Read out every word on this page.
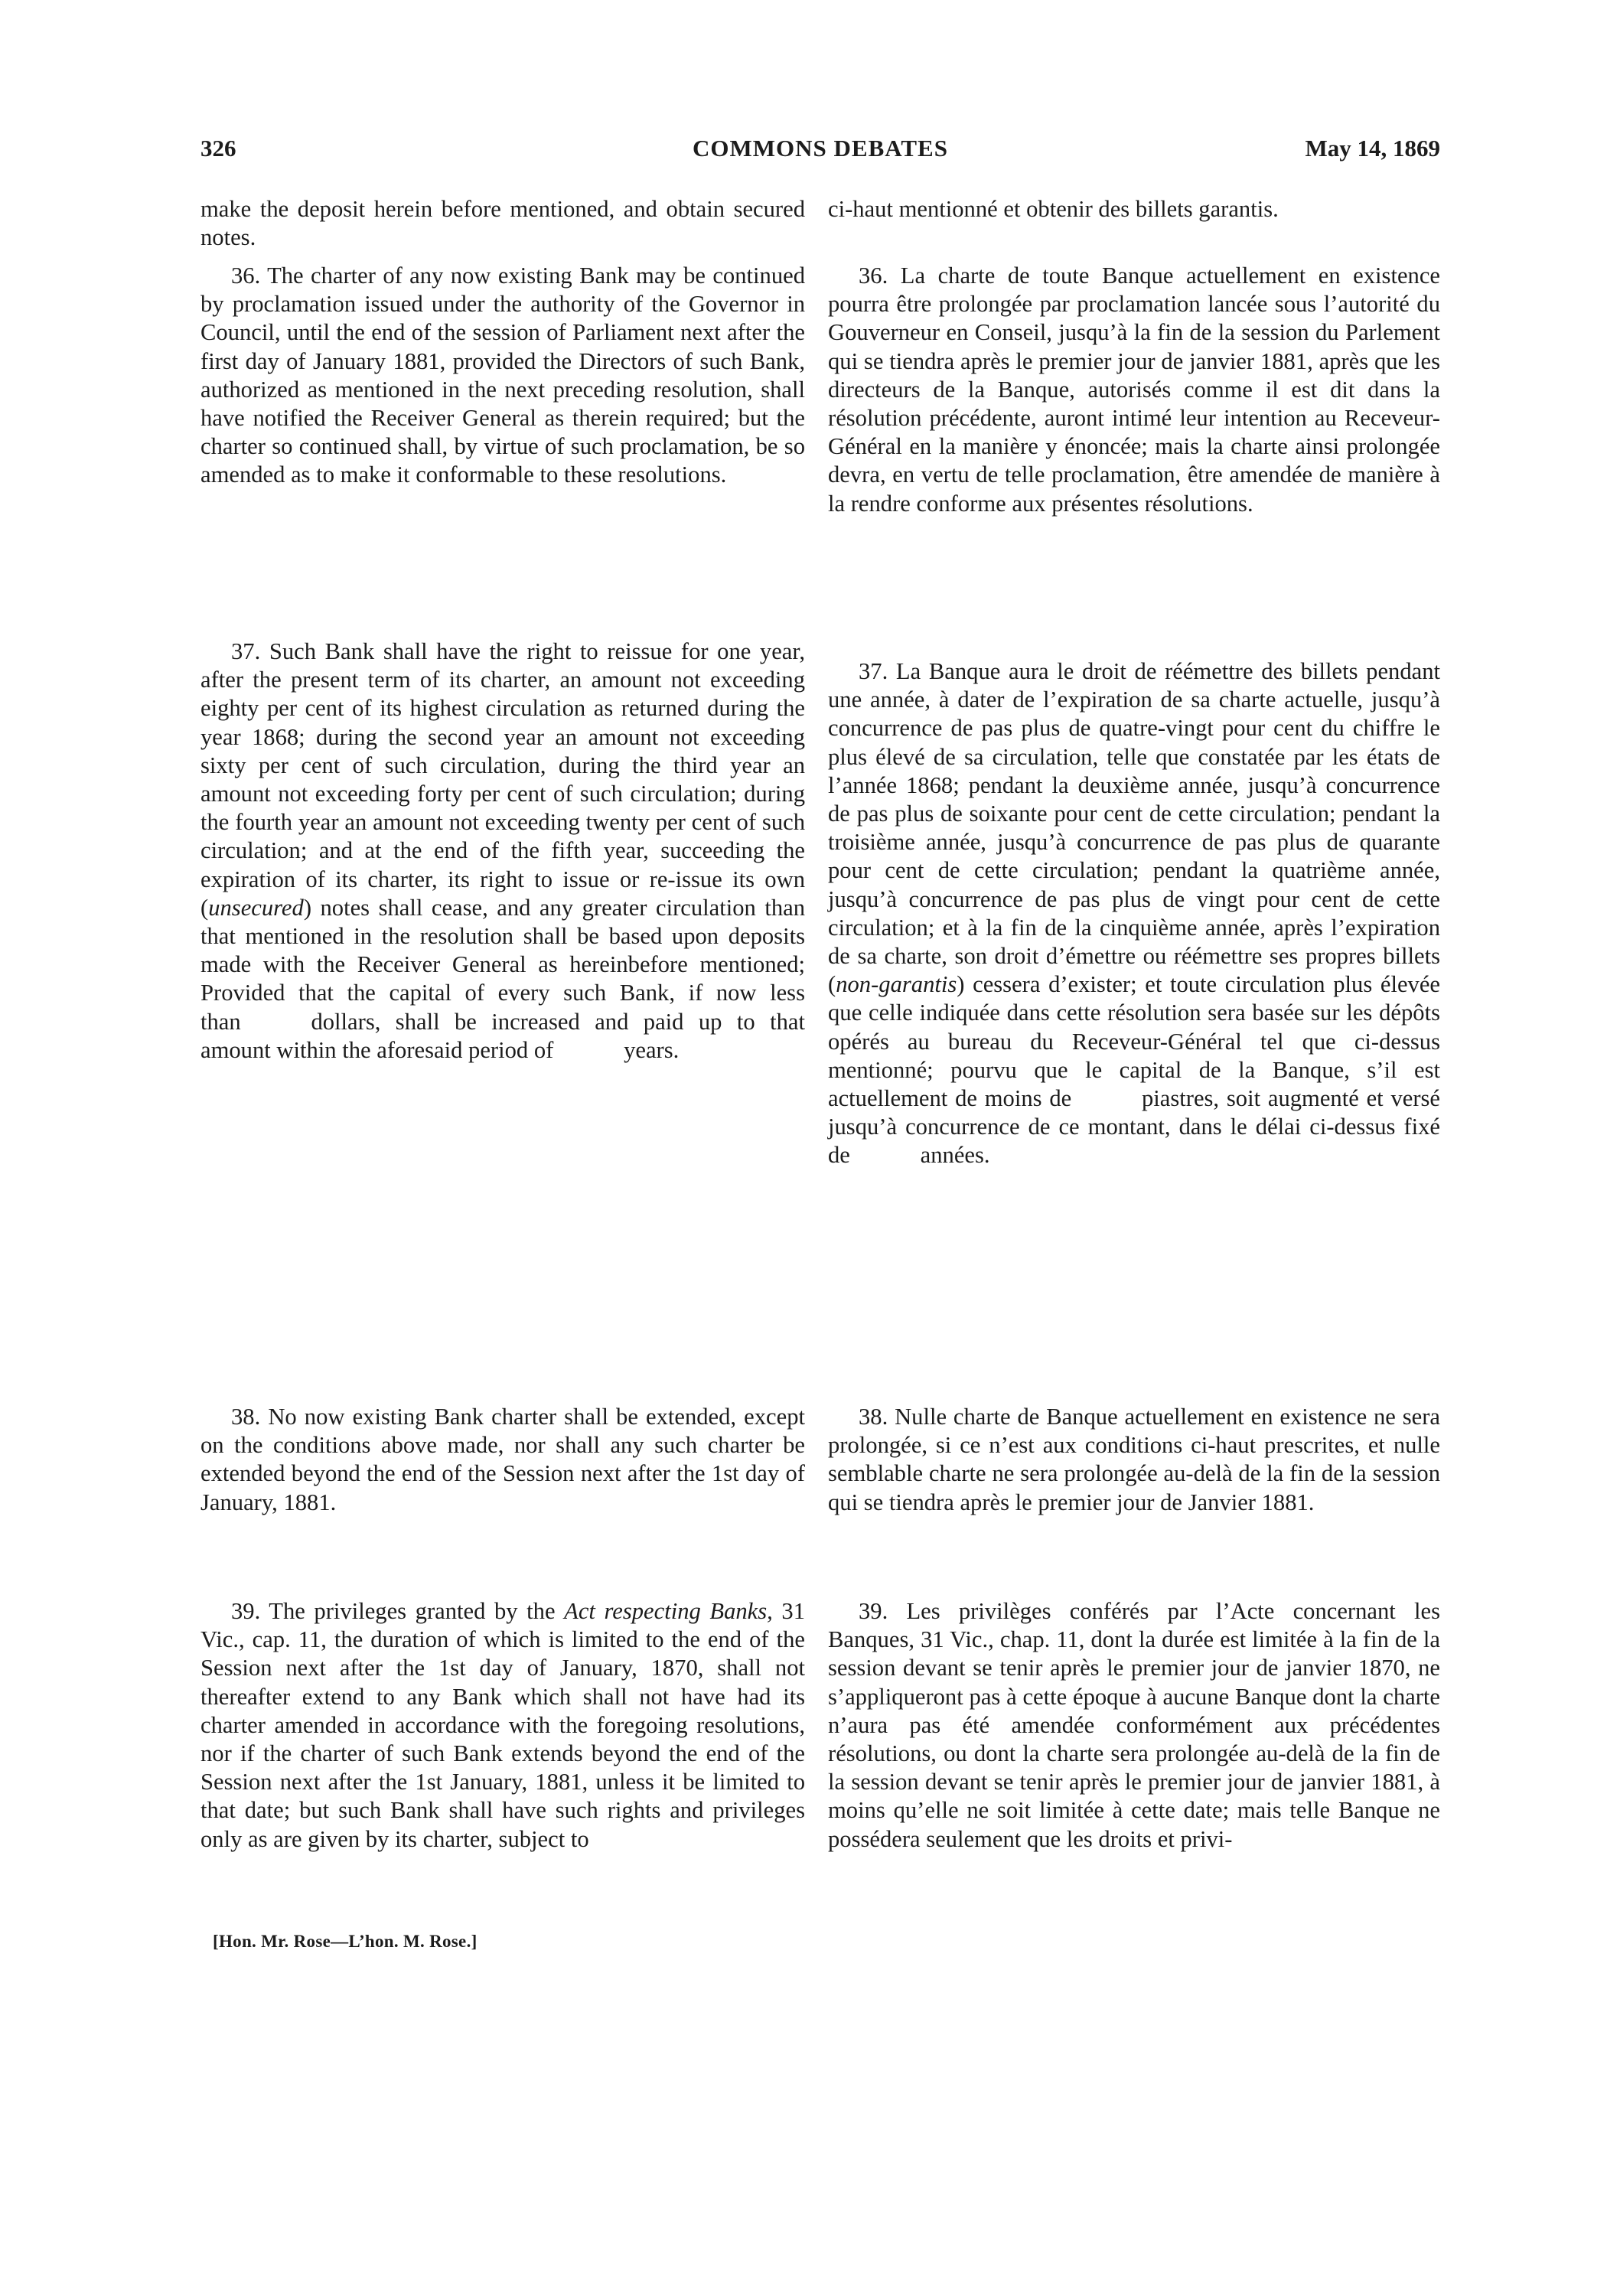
326	COMMONS DEBATES	May 14, 1869

make the deposit herein before mentioned, and obtain secured notes.

36. The charter of any now existing Bank may be continued by proclamation issued under the authority of the Governor in Council, until the end of the session of Parliament next after the first day of January 1881, provided the Directors of such Bank, authorized as mentioned in the next preceding resolution, shall have notified the Receiver General as therein required; but the charter so continued shall, by virtue of such proclamation, be so amended as to make it conformable to these resolutions.

37. Such Bank shall have the right to reissue for one year, after the present term of its charter, an amount not exceeding eighty per cent of its highest circulation as returned during the year 1868; during the second year an amount not exceeding sixty per cent of such circulation, during the third year an amount not exceeding forty per cent of such circulation; during the fourth year an amount not exceeding twenty per cent of such circulation; and at the end of the fifth year, succeeding the expiration of its charter, its right to issue or re-issue its own (unsecured) notes shall cease, and any greater circulation than that mentioned in the resolution shall be based upon deposits made with the Receiver General as hereinbefore mentioned; Provided that the capital of every such Bank, if now less than   dollars, shall be increased and paid up to that amount within the aforesaid period of   years.

38. No now existing Bank charter shall be extended, except on the conditions above made, nor shall any such charter be extended beyond the end of the Session next after the 1st day of January, 1881.

39. The privileges granted by the Act respecting Banks, 31 Vic., cap. 11, the duration of which is limited to the end of the Session next after the 1st day of January, 1870, shall not thereafter extend to any Bank which shall not have had its charter amended in accordance with the foregoing resolutions, nor if the charter of such Bank extends beyond the end of the Session next after the 1st January, 1881, unless it be limited to that date; but such Bank shall have such rights and privileges only as are given by its charter, subject to

ci-haut mentionné et obtenir des billets garantis.

36. La charte de toute Banque actuellement en existence pourra être prolongée par proclamation lancée sous l’autorité du Gouverneur en Conseil, jusqu’à la fin de la session du Parlement qui se tiendra après le premier jour de janvier 1881, après que les directeurs de la Banque, autorisés comme il est dit dans la résolution précédente, auront intimé leur intention au Receveur-Général en la manière y énoncée; mais la charte ainsi prolongée devra, en vertu de telle proclamation, être amendée de manière à la rendre conforme aux présentes résolutions.

37. La Banque aura le droit de réémettre des billets pendant une année, à dater de l’expiration de sa charte actuelle, jusqu’à concurrence de pas plus de quatre-vingt pour cent du chiffre le plus élevé de sa circulation, telle que constatée par les états de l’année 1868; pendant la deuxième année, jusqu’à concurrence de pas plus de soixante pour cent de cette circulation; pendant la troisième année, jusqu’à concurrence de pas plus de quarante pour cent de cette circulation; pendant la quatrième année, jusqu’à concurrence de pas plus de vingt pour cent de cette circulation; et à la fin de la cinquième année, après l’expiration de sa charte, son droit d’émettre ou réémettre ses propres billets (non-garantis) cessera d’exister; et toute circulation plus élevée que celle indiquée dans cette résolution sera basée sur les dépôts opérés au bureau du Receveur-Général tel que ci-dessus mentionné; pourvu que le capital de la Banque, s’il est actuellement de moins de   piastres, soit augmenté et versé jusqu’à concurrence de ce montant, dans le délai ci-dessus fixé de   années.

38. Nulle charte de Banque actuellement en existence ne sera prolongée, si ce n’est aux conditions ci-haut prescrites, et nulle semblable charte ne sera prolongée au-delà de la fin de la session qui se tiendra après le premier jour de Janvier 1881.

39. Les privilèges conférés par l’Acte concernant les Banques, 31 Vic., chap. 11, dont la durée est limitée à la fin de la session devant se tenir après le premier jour de janvier 1870, ne s’appliqueront pas à cette époque à aucune Banque dont la charte n’aura pas été amendée conformément aux précédentes résolutions, ou dont la charte sera prolongée au-delà de la fin de la session devant se tenir après le premier jour de janvier 1881, à moins qu’elle ne soit limitée à cette date; mais telle Banque ne possédera seulement que les droits et privi-

[Hon. Mr. Rose—L’hon. M. Rose.]
